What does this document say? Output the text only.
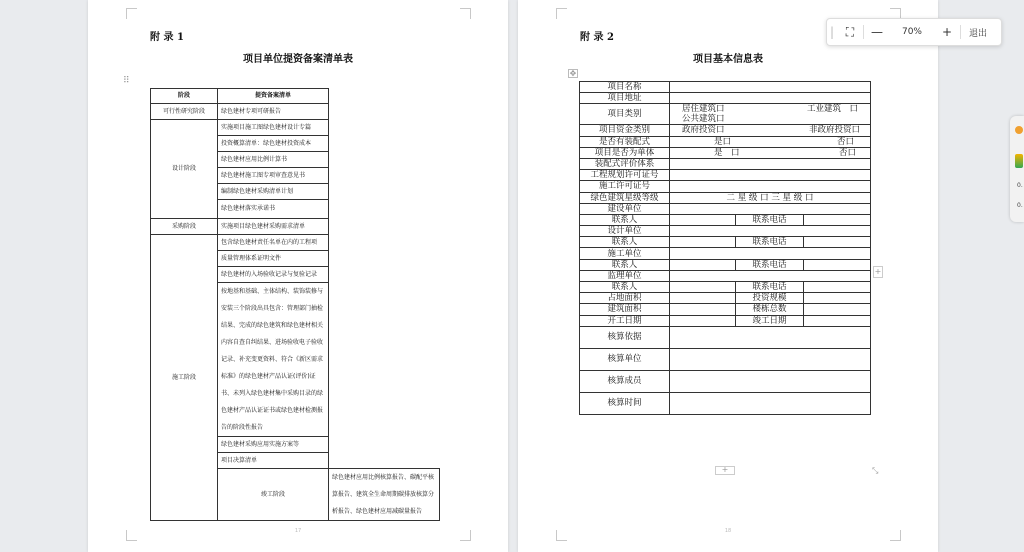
附 录 1
项目单位提资备案清单表
⠿
阶段	提资备案清单	
可行性研究阶段	绿色建材专项可研报告	
设计阶段	实施项目施工图绿色建材设计专篇	
	投资概算清单：绿色建材投资成本	
	绿色建材应用比例计算书	
	绿色建材施工图专项审查意见书	
	编制绿色建材采购清单计划	
	绿色建材落实承诺书	
采购阶段	实施项目绿色建材采购需求清单	
施工阶段	包含绿色建材责任名单在内的工程项	
	质量管理体系证明文件	
	绿色建材的入场验收记录与复验记录	
	按地基和基础、主体结构、装饰装修与安装三个阶段出具包含：管理部门抽检结果、完成的绿色建筑和绿色建材相关内容自查自纠结果、进场验收电子验收记录、补充变更资料、符合《新区需求标准》的绿色建材产品认证(评价)证书、未列入绿色建材集中采购目录的绿色建材产品认证证书或绿色建材检测报告的阶段性报告	
	绿色建材采购应用实施方案等	
	项目决算清单	
	竣工阶段	绿色建材应用比例核算报告、碳配平核算报告、建筑全生命周期碳排放核算分析报告、绿色建材应用减碳量报告
17
附 录 2
项目基本信息表
✥
项目名称			
项目地址			
项目类别	居住建筑口 工业建筑　口
公共建筑口		

项目资金类别	政府投资口 非政府投资口		

是否有装配式	是口 否口		

项目是否为单体	是　口 否口		

装配式评价体系			
工程规划许可证号			
施工许可证号			
绿色建筑星级等级	二 星 级 口 三 星 级 口		
建设单位			
联系人		联系电话	
设计单位			
联系人		联系电话	
施工单位			
联系人		联系电话	
监理单位			
联系人		联系电话	
占地面积		投资规模	
建筑面积		楼栋总数	
开工日期		竣工日期	
核算依据			
核算单位			
核算成员			
核算时间			
+
+	⤡
18
| ⛶	—	70%	+	退出
0.
0.
